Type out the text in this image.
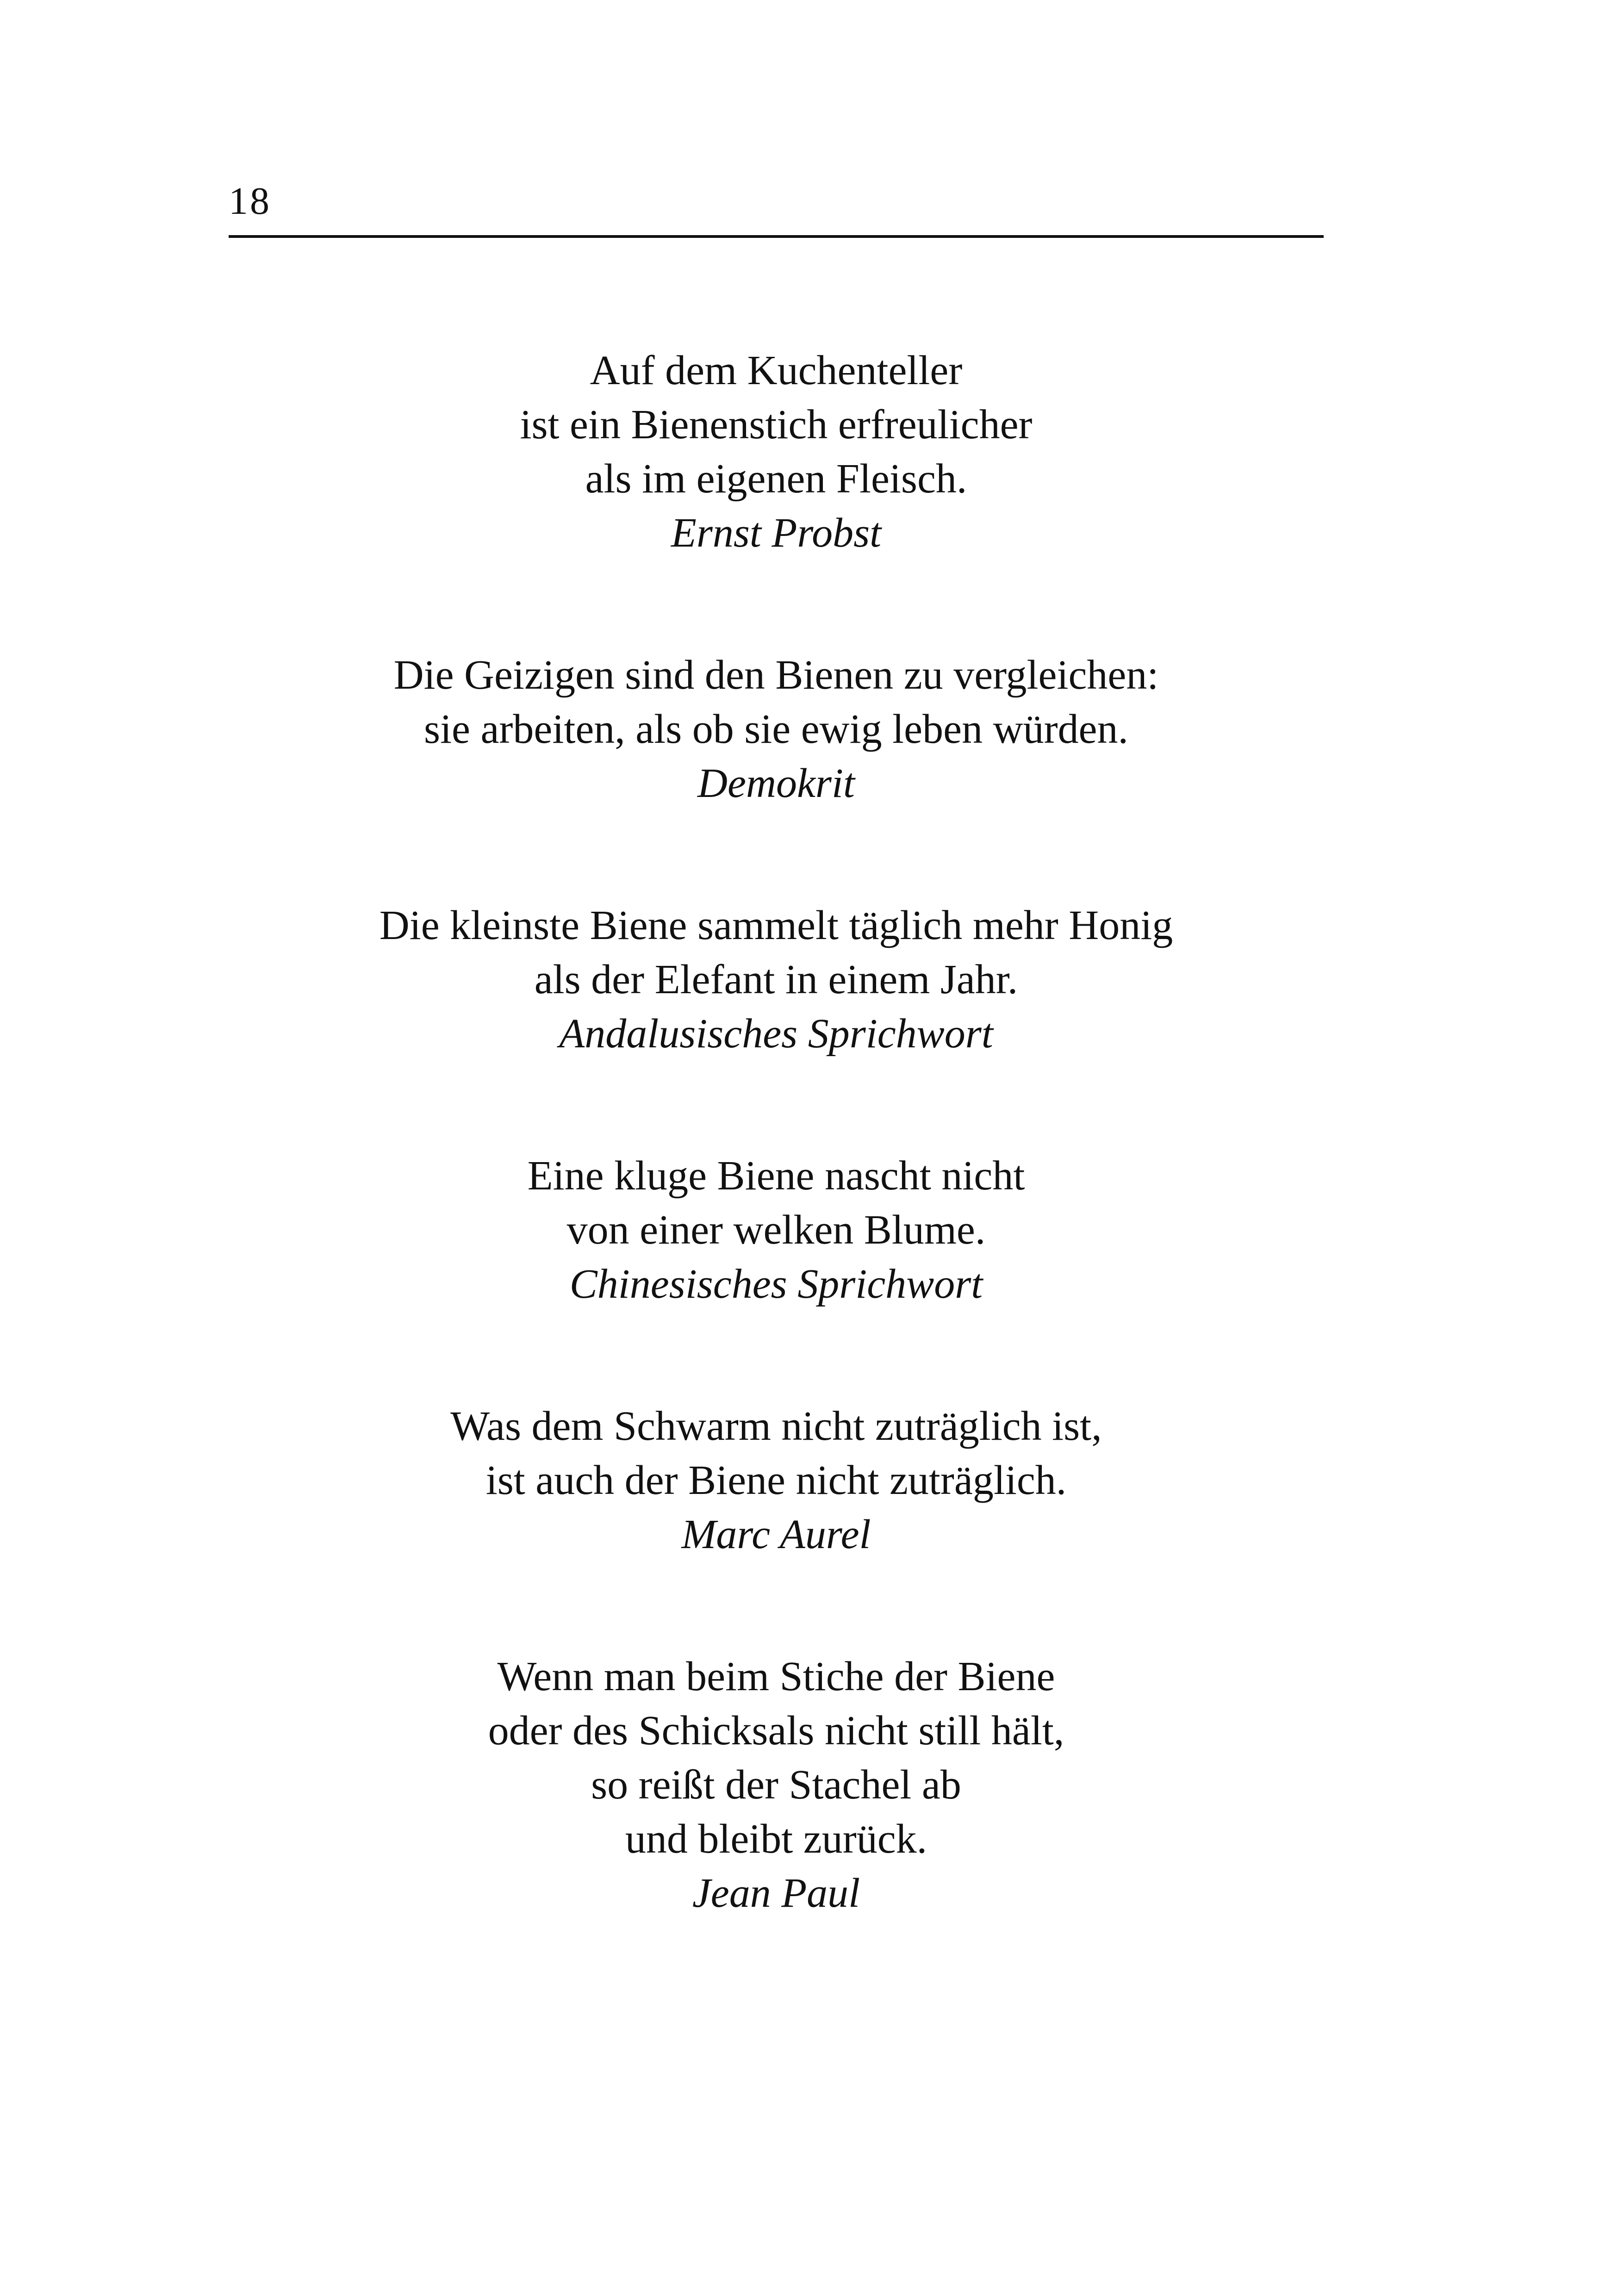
18
Auf dem Kuchenteller
ist ein Bienenstich erfreulicher
als im eigenen Fleisch.
Ernst Probst
Die Geizigen sind den Bienen zu vergleichen:
sie arbeiten, als ob sie ewig leben würden.
Demokrit
Die kleinste Biene sammelt täglich mehr Honig
als der Elefant in einem Jahr.
Andalusisches Sprichwort
Eine kluge Biene nascht nicht
von einer welken Blume.
Chinesisches Sprichwort
Was dem Schwarm nicht zuträglich ist,
ist auch der Biene nicht zuträglich.
Marc Aurel
Wenn man beim Stiche der Biene
oder des Schicksals nicht still hält,
so reißt der Stachel ab
und bleibt zurück.
Jean Paul
